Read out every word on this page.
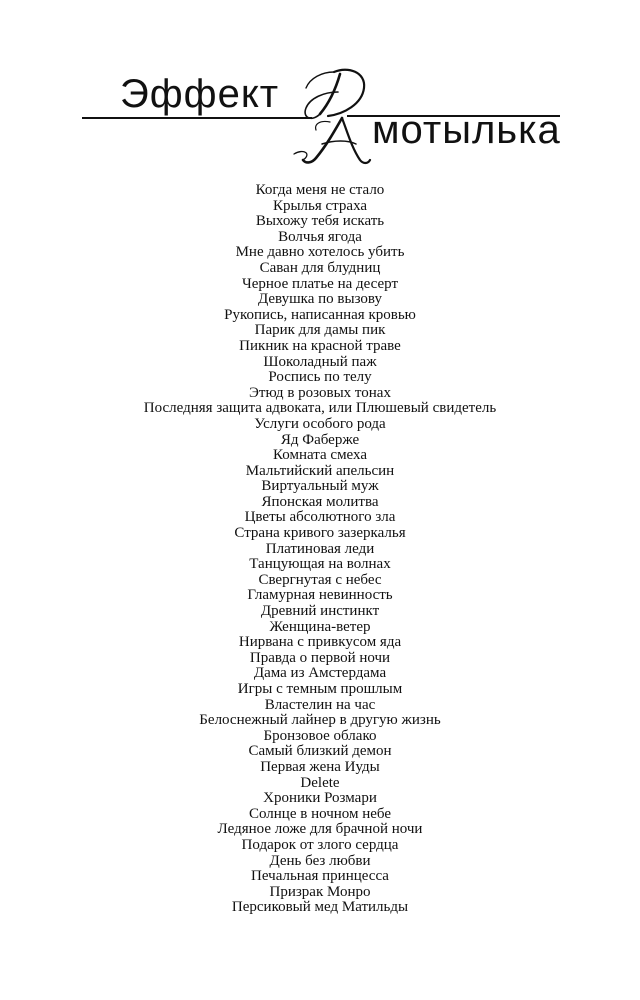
Эффект
мотылька
Когда меня не стало
Крылья страха
Выхожу тебя искать
Волчья ягода
Мне давно хотелось убить
Саван для блудниц
Черное платье на десерт
Девушка по вызову
Рукопись, написанная кровью
Парик для дамы пик
Пикник на красной траве
Шоколадный паж
Роспись по телу
Этюд в розовых тонах
Последняя защита адвоката, или Плюшевый свидетель
Услуги особого рода
Яд Фаберже
Комната смеха
Мальтийский апельсин
Виртуальный муж
Японская молитва
Цветы абсолютного зла
Страна кривого зазеркалья
Платиновая леди
Танцующая на волнах
Свергнутая с небес
Гламурная невинность
Древний инстинкт
Женщина-ветер
Нирвана с привкусом яда
Правда о первой ночи
Дама из Амстердама
Игры с темным прошлым
Властелин на час
Белоснежный лайнер в другую жизнь
Бронзовое облако
Самый близкий демон
Первая жена Иуды
Delete
Хроники Розмари
Солнце в ночном небе
Ледяное ложе для брачной ночи
Подарок от злого сердца
День без любви
Печальная принцесса
Призрак Монро
Персиковый мед Матильды
